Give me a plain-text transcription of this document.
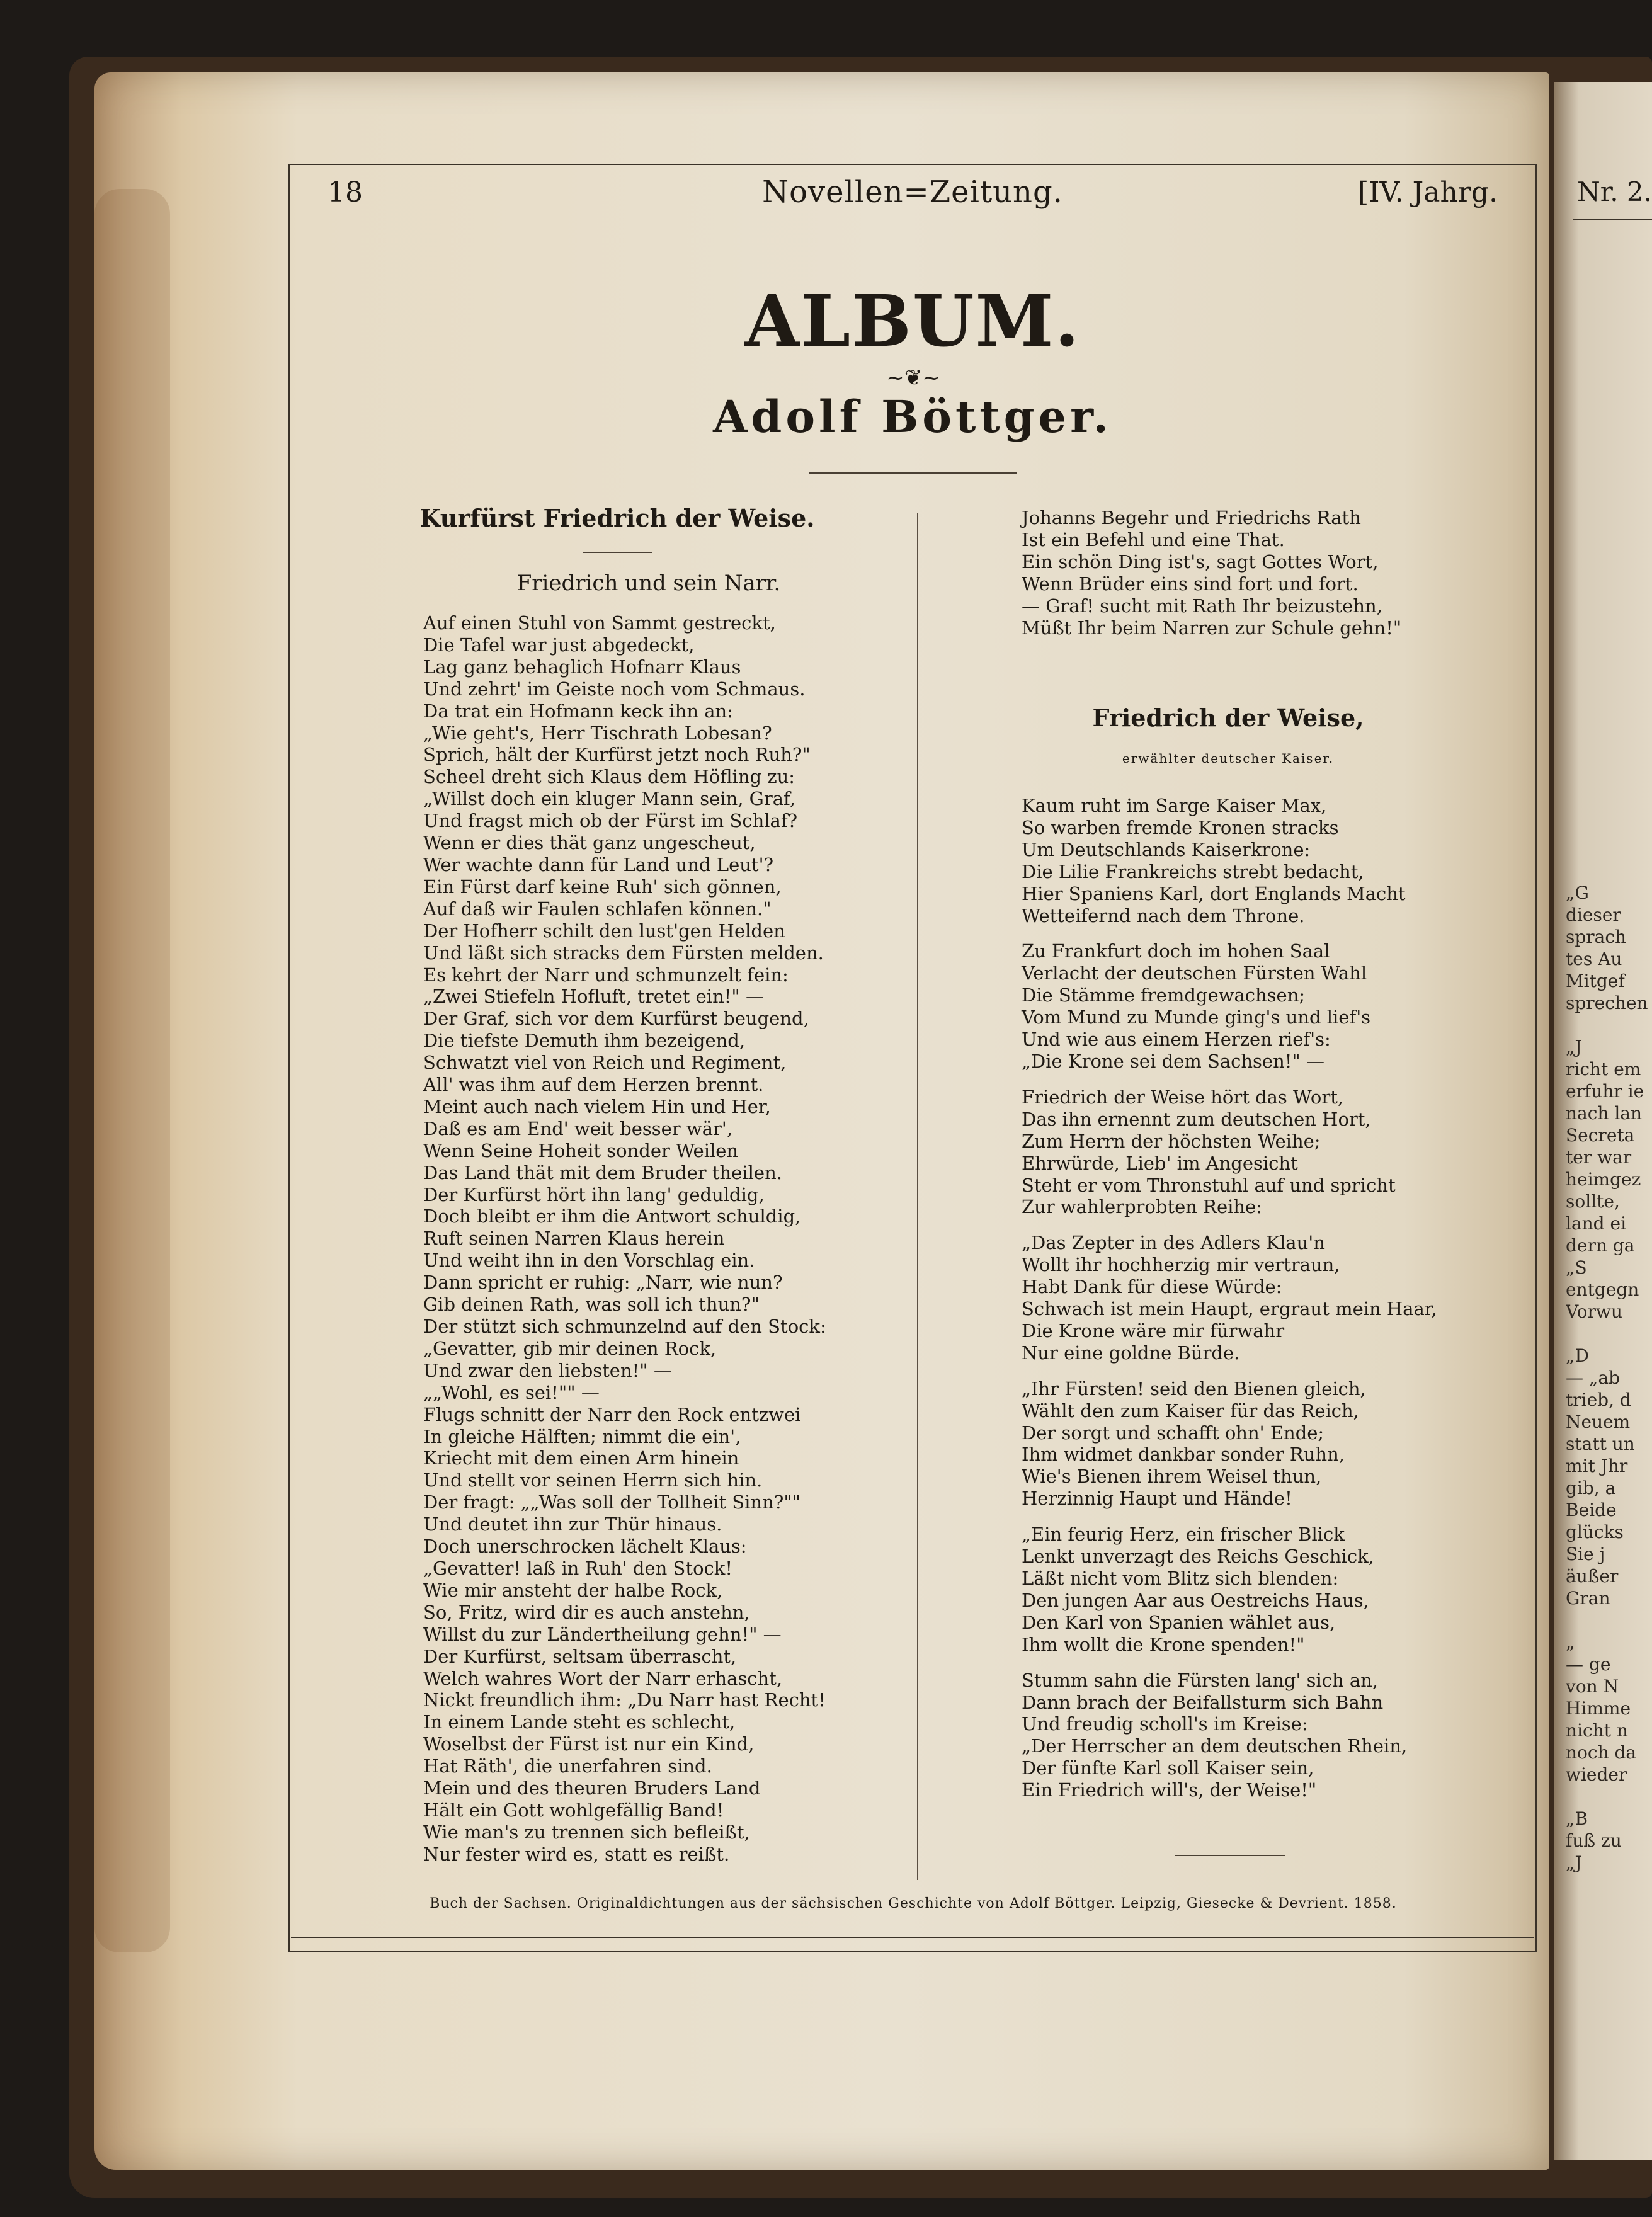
Nr. 2.
„G
dieser
sprach
tes Au
Mitgef
sprechen

„J
richt em
erfuhr ie
nach lan
Secreta
ter war
heimgez
sollte,
land ei
dern ga
„S
entgegn
Vorwu

„D
— „ab
trieb, d
Neuem
statt un
mit Jhr
gib, a
Beide
glücks
Sie j
äußer
Gran

„
— ge
von N
Himme
nicht n
noch da
wieder

„B
fuß zu
„J
18	Novellen=Zeitung.	[IV. Jahrg.
ALBUM.
~❦~
Adolf Böttger.
Kurfürst Friedrich der Weise.
Friedrich und sein Narr.
Auf einen Stuhl von Sammt gestreckt,
Die Tafel war just abgedeckt,
Lag ganz behaglich Hofnarr Klaus
Und zehrt' im Geiste noch vom Schmaus.
Da trat ein Hofmann keck ihn an:
„Wie geht's, Herr Tischrath Lobesan?
Sprich, hält der Kurfürst jetzt noch Ruh?"
Scheel dreht sich Klaus dem Höfling zu:
„Willst doch ein kluger Mann sein, Graf,
Und fragst mich ob der Fürst im Schlaf?
Wenn er dies thät ganz ungescheut,
Wer wachte dann für Land und Leut'?
Ein Fürst darf keine Ruh' sich gönnen,
Auf daß wir Faulen schlafen können."
Der Hofherr schilt den lust'gen Helden
Und läßt sich stracks dem Fürsten melden.
Es kehrt der Narr und schmunzelt fein:
„Zwei Stiefeln Hofluft, tretet ein!" —
Der Graf, sich vor dem Kurfürst beugend,
Die tiefste Demuth ihm bezeigend,
Schwatzt viel von Reich und Regiment,
All' was ihm auf dem Herzen brennt.
Meint auch nach vielem Hin und Her,
Daß es am End' weit besser wär',
Wenn Seine Hoheit sonder Weilen
Das Land thät mit dem Bruder theilen.
Der Kurfürst hört ihn lang' geduldig,
Doch bleibt er ihm die Antwort schuldig,
Ruft seinen Narren Klaus herein
Und weiht ihn in den Vorschlag ein.
Dann spricht er ruhig: „Narr, wie nun?
Gib deinen Rath, was soll ich thun?"
Der stützt sich schmunzelnd auf den Stock:
„Gevatter, gib mir deinen Rock,
Und zwar den liebsten!" —
„„Wohl, es sei!"" —
Flugs schnitt der Narr den Rock entzwei
In gleiche Hälften; nimmt die ein',
Kriecht mit dem einen Arm hinein
Und stellt vor seinen Herrn sich hin.
Der fragt: „„Was soll der Tollheit Sinn?""
Und deutet ihn zur Thür hinaus.
Doch unerschrocken lächelt Klaus:
„Gevatter! laß in Ruh' den Stock!
Wie mir ansteht der halbe Rock,
So, Fritz, wird dir es auch anstehn,
Willst du zur Ländertheilung gehn!" —
Der Kurfürst, seltsam überrascht,
Welch wahres Wort der Narr erhascht,
Nickt freundlich ihm: „Du Narr hast Recht!
In einem Lande steht es schlecht,
Woselbst der Fürst ist nur ein Kind,
Hat Räth', die unerfahren sind.
Mein und des theuren Bruders Land
Hält ein Gott wohlgefällig Band!
Wie man's zu trennen sich befleißt,
Nur fester wird es, statt es reißt.
Johanns Begehr und Friedrichs Rath
Ist ein Befehl und eine That.
Ein schön Ding ist's, sagt Gottes Wort,
Wenn Brüder eins sind fort und fort.
— Graf! sucht mit Rath Ihr beizustehn,
Müßt Ihr beim Narren zur Schule gehn!"
Friedrich der Weise,
erwählter deutscher Kaiser.
Kaum ruht im Sarge Kaiser Max,
So warben fremde Kronen stracks
Um Deutschlands Kaiserkrone:
Die Lilie Frankreichs strebt bedacht,
Hier Spaniens Karl, dort Englands Macht
Wetteifernd nach dem Throne.
Zu Frankfurt doch im hohen Saal
Verlacht der deutschen Fürsten Wahl
Die Stämme fremdgewachsen;
Vom Mund zu Munde ging's und lief's
Und wie aus einem Herzen rief's:
„Die Krone sei dem Sachsen!" —
Friedrich der Weise hört das Wort,
Das ihn ernennt zum deutschen Hort,
Zum Herrn der höchsten Weihe;
Ehrwürde, Lieb' im Angesicht
Steht er vom Thronstuhl auf und spricht
Zur wahlerprobten Reihe:
„Das Zepter in des Adlers Klau'n
Wollt ihr hochherzig mir vertraun,
Habt Dank für diese Würde:
Schwach ist mein Haupt, ergraut mein Haar,
Die Krone wäre mir fürwahr
Nur eine goldne Bürde.
„Ihr Fürsten! seid den Bienen gleich,
Wählt den zum Kaiser für das Reich,
Der sorgt und schafft ohn' Ende;
Ihm widmet dankbar sonder Ruhn,
Wie's Bienen ihrem Weisel thun,
Herzinnig Haupt und Hände!
„Ein feurig Herz, ein frischer Blick
Lenkt unverzagt des Reichs Geschick,
Läßt nicht vom Blitz sich blenden:
Den jungen Aar aus Oestreichs Haus,
Den Karl von Spanien wählet aus,
Ihm wollt die Krone spenden!"
Stumm sahn die Fürsten lang' sich an,
Dann brach der Beifallsturm sich Bahn
Und freudig scholl's im Kreise:
„Der Herrscher an dem deutschen Rhein,
Der fünfte Karl soll Kaiser sein,
Ein Friedrich will's, der Weise!"
Buch der Sachsen. Originaldichtungen aus der sächsischen Geschichte von Adolf Böttger. Leipzig, Giesecke & Devrient. 1858.
